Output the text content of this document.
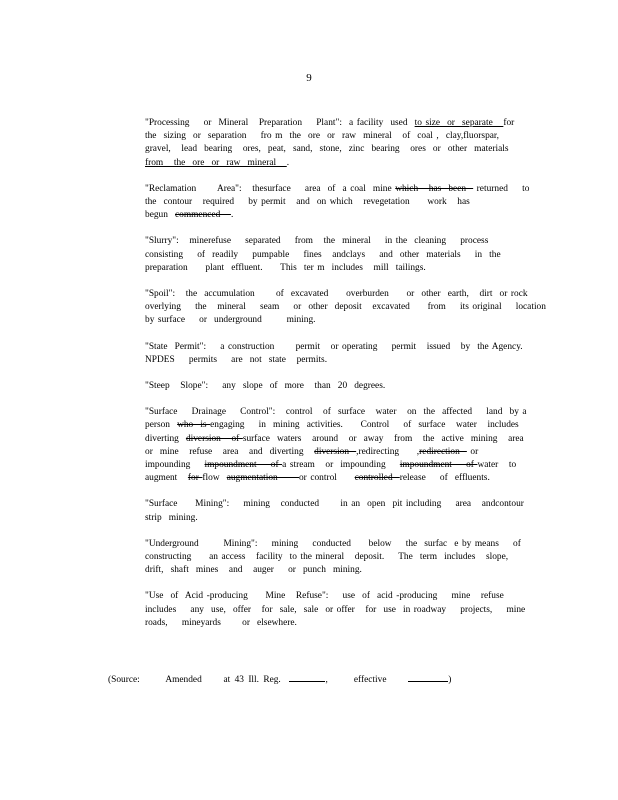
9
"Processing    or  Mineral   Preparation    Plant":  a facility  used  to size  or  separate   for
the  sizing  or  separation    fro m  the  ore  or  raw  mineral   of  coal ,  clay,fluorspar,
gravel,   lead  bearing   ores,  peat,  sand,  stone,  zinc  bearing   ores  or  other  materials
from   the  ore  or  raw  mineral   .
"Reclamation      Area":   thesurface    area  of  a coal  mine which   has  been   returned    to
the  contour   required    by permit   and  on which   revegetation     work   has
begun  commenced   .
"Slurry":   minerefuse    separated    from   the  mineral    in the  cleaning    process
consisting    of  readily    pumpable    fines   andclays    and  other  materials    in  the
preparation     plant  effluent.     This  ter m  includes   mill  tailings.
"Spoil":   the  accumulation      of  excavated     overburden     or  other  earth,   dirt  or rock
overlying    the   mineral    seam    or  other  deposit   excavated     from    its original    location
by surface    or  underground       mining.
"State  Permit":    a construction      permit   or operating    permit   issued   by  the Agency.
NPDES    permits    are  not  state   permits.
"Steep   Slope":    any  slope  of  more   than  20  degrees.
"Surface    Drainage    Control":   control   of  surface   water   on  the  affected    land  by a
person  who  is engaging    in  mining  activities.     Control    of  surface   water   includes
diverting  diversion   of surface  waters   around   or  away   from   the  active  mining   area
or  mine   refuse   area   and  diverting   diversion  ,redirecting     ,redirection   or
impounding    impoundment    of a stream   or  impounding    impoundment    of water   to
augment   for flow  augmentation      or control     controlled  release    of  effluents.
"Surface     Mining":    mining   conducted      in an  open  pit including    area   andcontour
strip  mining.
"Underground       Mining":    mining    conducted     below    the  surfac  e by means    of
constructing     an access   facility  to the mineral   deposit.    The  term  includes   slope,
drift,  shaft  mines   and   auger    or  punch  mining.
"Use  of  Acid -producing     Mine   Refuse":    use  of  acid -producing    mine   refuse
includes    any  use,  offer   for  sale,  sale  or offer   for  use  in roadway    projects,    mine
roads,    mineyards      or  elsewhere.
(Source:	Amended at 43 Ill. Reg.	,	effective	)
